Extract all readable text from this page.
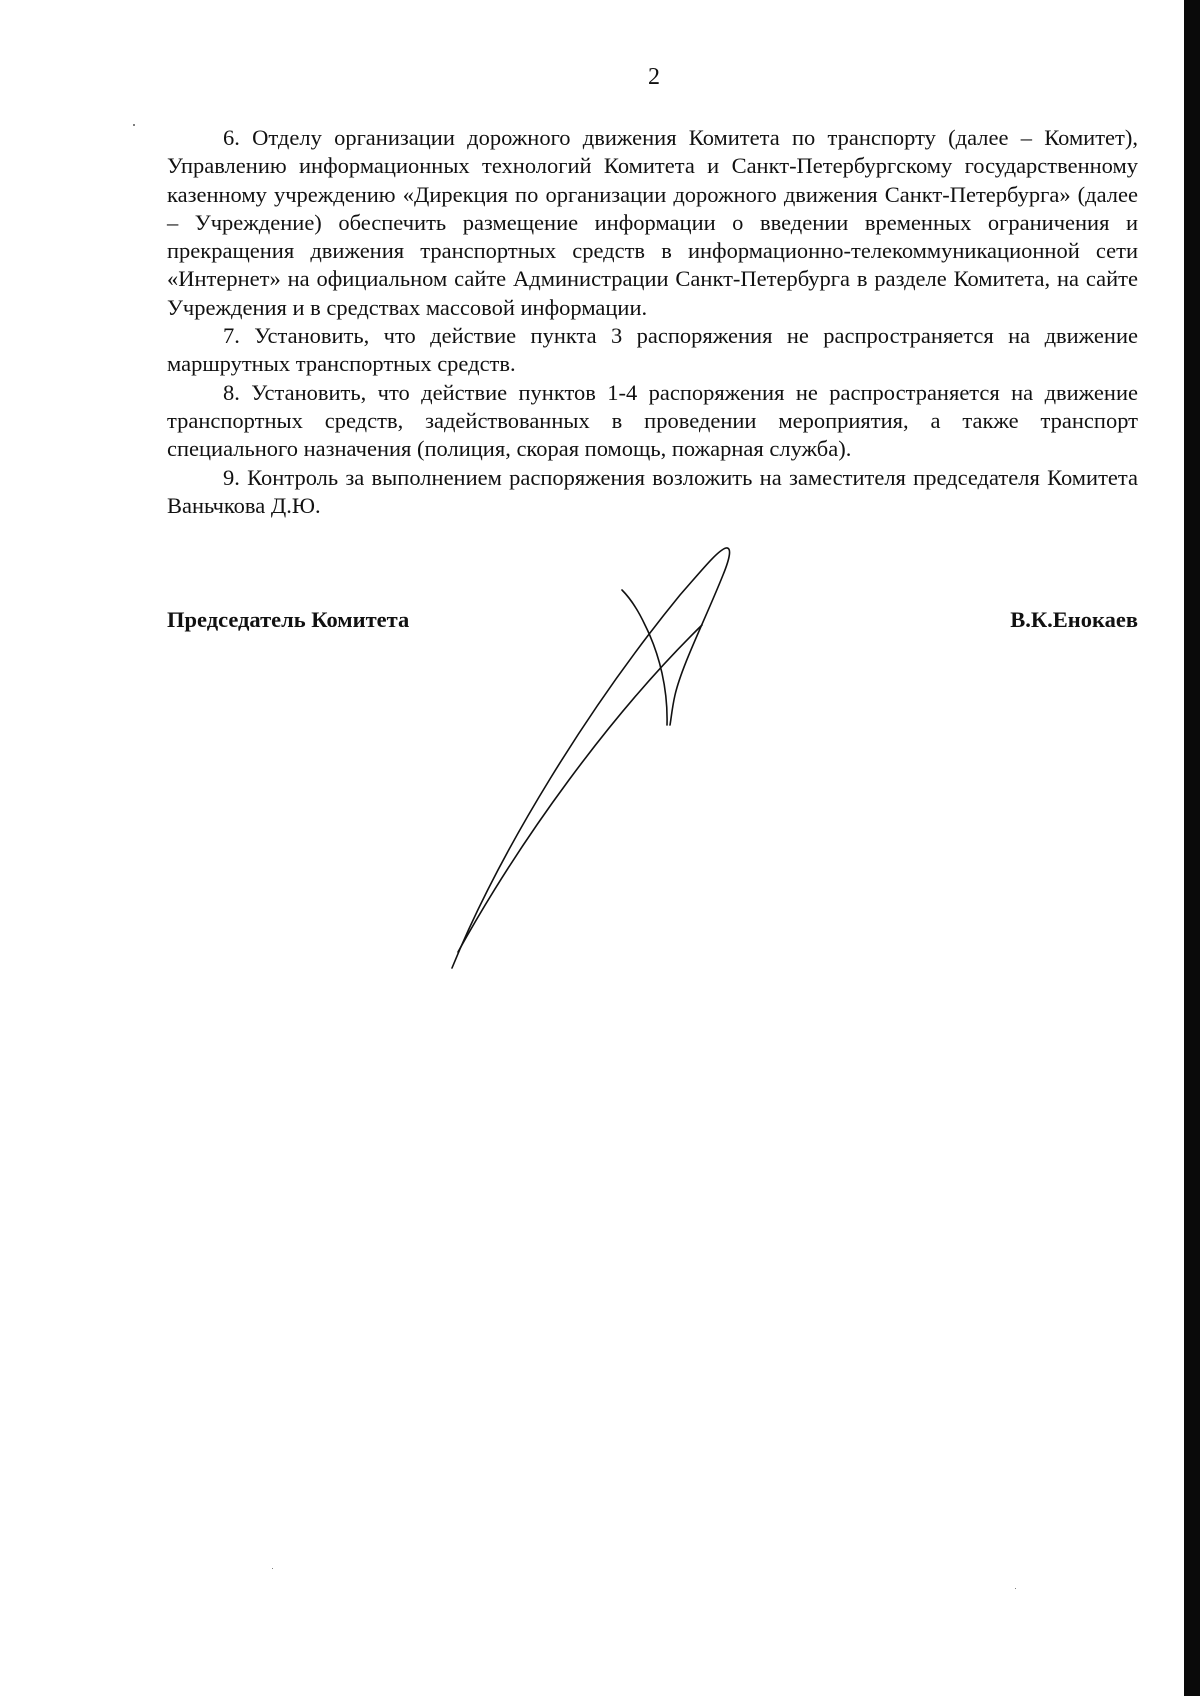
2

6. Отделу организации дорожного движения Комитета по транспорту (далее – Комитет), Управлению информационных технологий Комитета и Санкт-Петербургскому государственному казенному учреждению «Дирекция по организации дорожного движения Санкт-Петербурга» (далее – Учреждение) обеспечить размещение информации о введении временных ограничения и прекращения движения транспортных средств в информационно-телекоммуникационной сети «Интернет» на официальном сайте Администрации Санкт-Петербурга в разделе Комитета, на сайте Учреждения и в средствах массовой информации.

7. Установить, что действие пункта 3 распоряжения не распространяется на движение маршрутных транспортных средств.

8. Установить, что действие пунктов 1-4 распоряжения не распространяется на движение транспортных средств, задействованных в проведении мероприятия, а также транспорт специального назначения (полиция, скорая помощь, пожарная служба).

9. Контроль за выполнением распоряжения возложить на заместителя председателя Комитета Ваньчкова Д.Ю.

Председатель Комитета	В.К.Енокаев
